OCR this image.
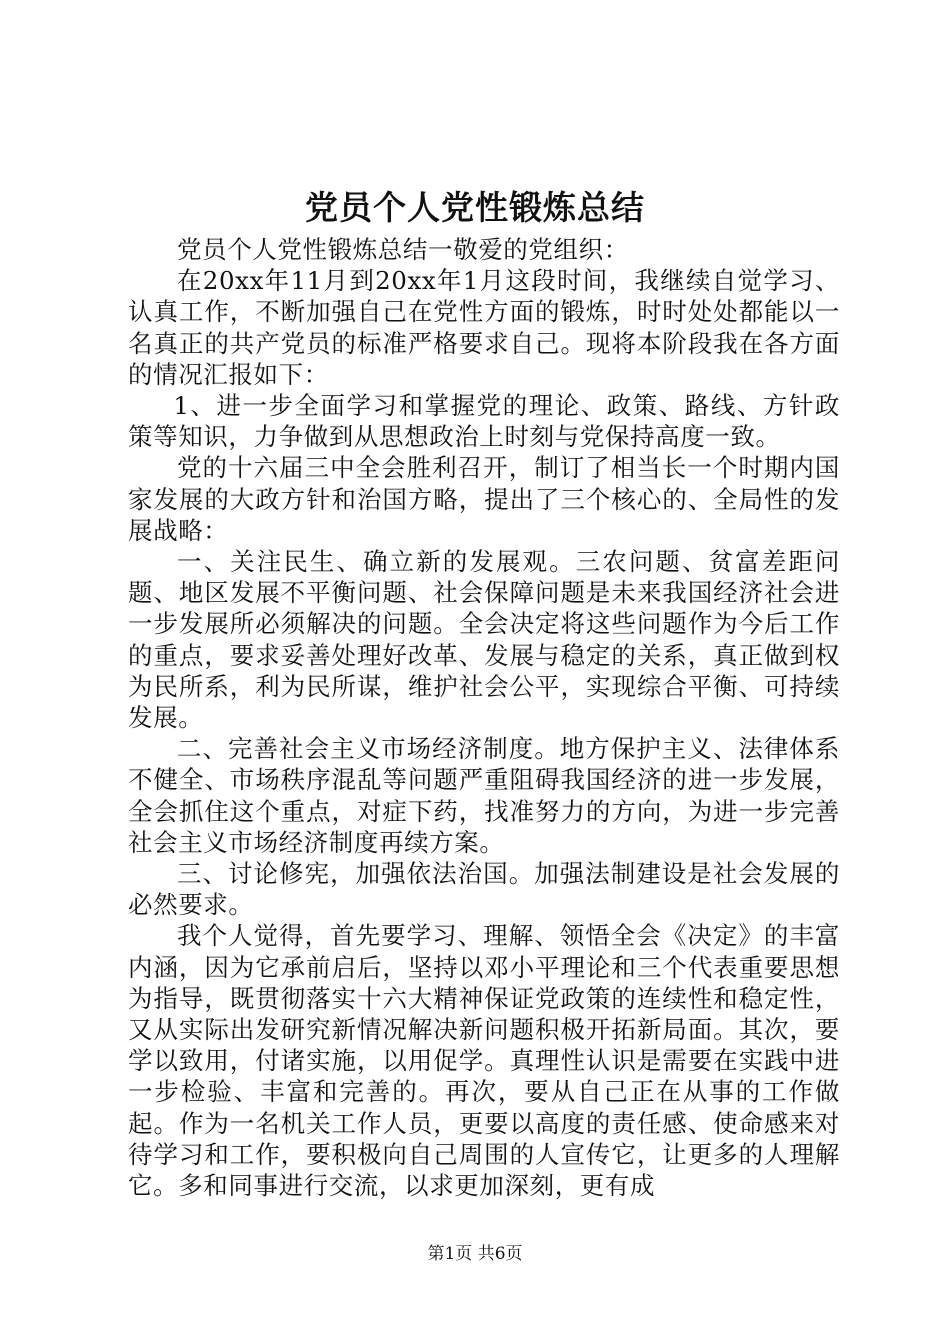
党员个人党性锻炼总结

党员个人党性锻炼总结一敬爱的党组织：

在20xx年11月到20xx年1月这段时间，我继续自觉学习、认真工作，不断加强自己在党性方面的锻炼，时时处处都能以一名真正的共产党员的标准严格要求自己。现将本阶段我在各方面的情况汇报如下：

1、进一步全面学习和掌握党的理论、政策、路线、方针政策等知识，力争做到从思想政治上时刻与党保持高度一致。

党的十六届三中全会胜利召开，制订了相当长一个时期内国家发展的大政方针和治国方略，提出了三个核心的、全局性的发展战略：

一、关注民生、确立新的发展观。三农问题、贫富差距问题、地区发展不平衡问题、社会保障问题是未来我国经济社会进一步发展所必须解决的问题。全会决定将这些问题作为今后工作的重点，要求妥善处理好改革、发展与稳定的关系，真正做到权为民所系，利为民所谋，维护社会公平，实现综合平衡、可持续发展。

二、完善社会主义市场经济制度。地方保护主义、法律体系不健全、市场秩序混乱等问题严重阻碍我国经济的进一步发展，全会抓住这个重点，对症下药，找准努力的方向，为进一步完善社会主义市场经济制度再续方案。

三、讨论修宪，加强依法治国。加强法制建设是社会发展的必然要求。

我个人觉得，首先要学习、理解、领悟全会《决定》的丰富内涵，因为它承前启后，坚持以邓小平理论和三个代表重要思想为指导，既贯彻落实十六大精神保证党政策的连续性和稳定性，又从实际出发研究新情况解决新问题积极开拓新局面。其次，要学以致用，付诸实施，以用促学。真理性认识是需要在实践中进一步检验、丰富和完善的。再次，要从自己正在从事的工作做起。作为一名机关工作人员，更要以高度的责任感、使命感来对待学习和工作，要积极向自己周围的人宣传它，让更多的人理解它。多和同事进行交流，以求更加深刻，更有成

第1页 共6页
